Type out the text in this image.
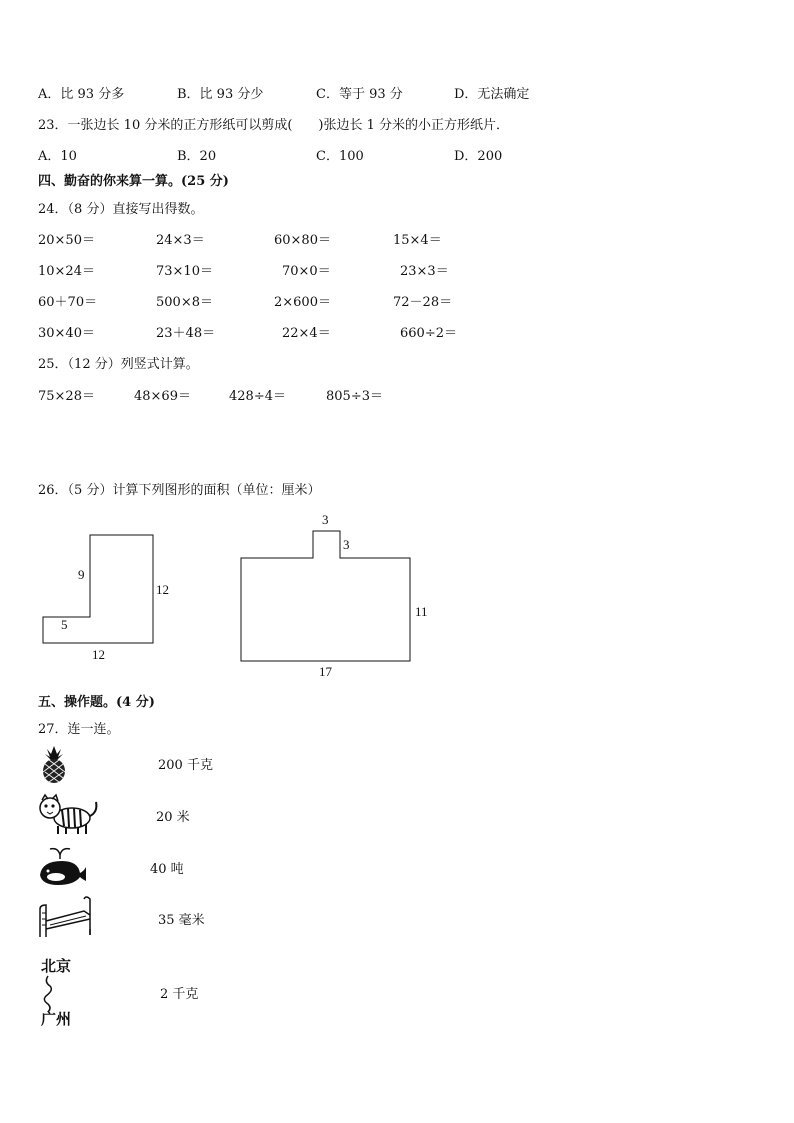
A．比 93 分多	B．比 93 分少	C．等于 93 分	D．无法确定
23．一张边长 10 分米的正方形纸可以剪成(　　)张边长 1 分米的小正方形纸片．
A．10	B．20	C．100	D．200
四、勤奋的你来算一算。(25 分)
24．（8 分）直接写出得数。
20×50＝	24×3＝	60×80＝	15×4＝
10×24＝	73×10＝	70×0＝	23×3＝
60＋70＝	500×8＝	2×600＝	72－28＝
30×40＝	23＋48＝	22×4＝	660÷2＝
25．（12 分）列竖式计算。
75×28＝	48×69＝	428÷4＝	805÷3＝
26．（5 分）计算下列图形的面积（单位：厘米）
9
12
5
12
3
3
11
17
五、操作题。(4 分)
27．连一连。
200 千克
20 米
40 吨
35 毫米
北京
广州
2 千克
